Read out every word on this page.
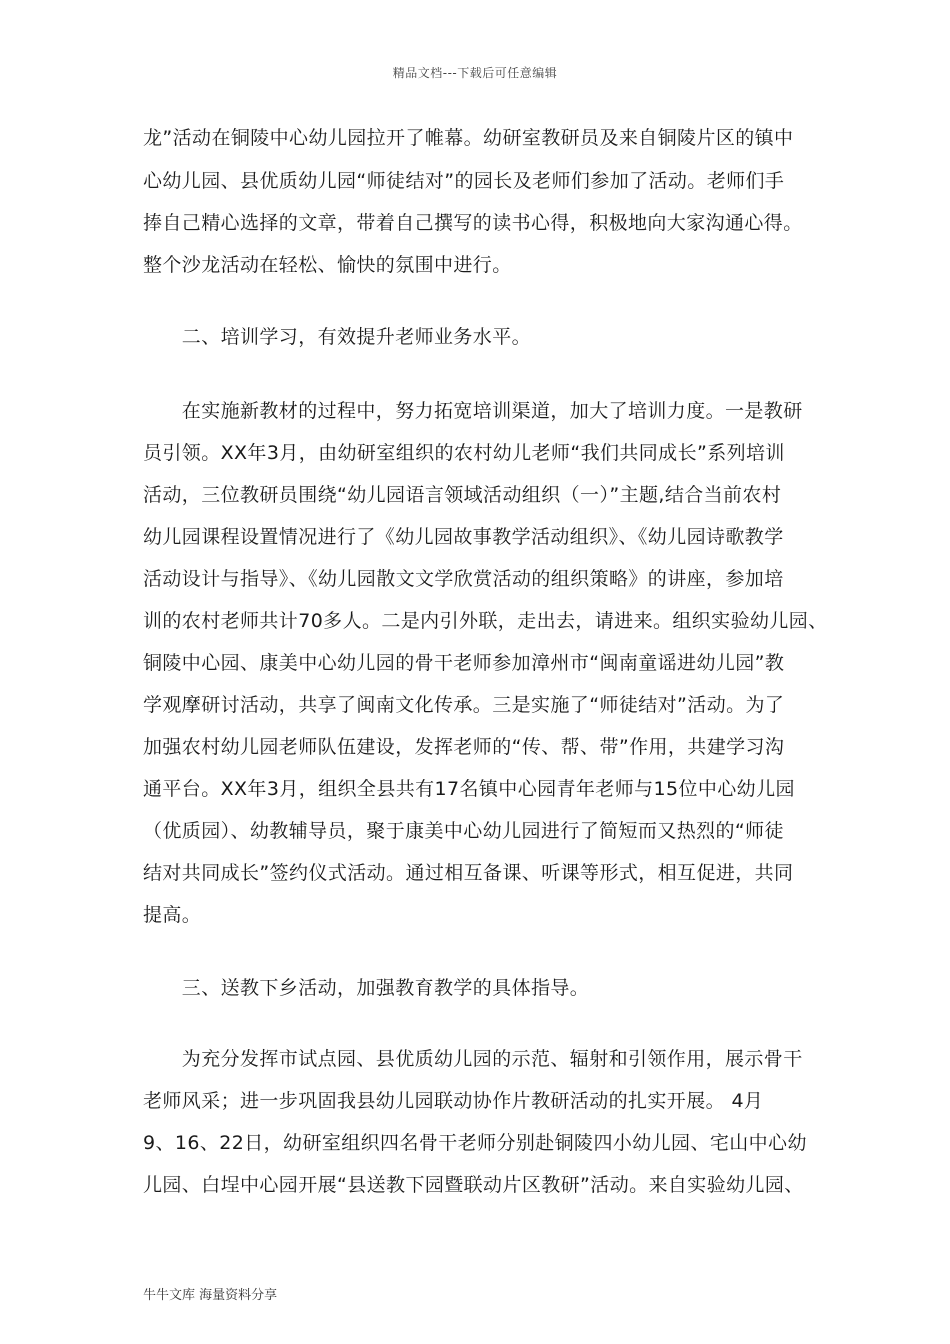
精品文档---下载后可任意编辑
龙”活动在铜陵中心幼儿园拉开了帷幕。幼研室教研员及来自铜陵片区的镇中
心幼儿园、县优质幼儿园“师徒结对”的园长及老师们参加了活动。老师们手
捧自己精心选择的文章，带着自己撰写的读书心得，积极地向大家沟通心得。
整个沙龙活动在轻松、愉快的氛围中进行。
　　二、培训学习，有效提升老师业务水平。
　　在实施新教材的过程中，努力拓宽培训渠道，加大了培训力度。一是教研
员引领。XX年3月，由幼研室组织的农村幼儿老师“我们共同成长”系列培训
活动，三位教研员围绕“幼儿园语言领域活动组织（一）”主题,结合当前农村
幼儿园课程设置情况进行了《幼儿园故事教学活动组织》、《幼儿园诗歌教学
活动设计与指导》、《幼儿园散文文学欣赏活动的组织策略》的讲座，参加培
训的农村老师共计70多人。二是内引外联，走出去，请进来。组织实验幼儿园、
铜陵中心园、康美中心幼儿园的骨干老师参加漳州市“闽南童谣进幼儿园”教
学观摩研讨活动，共享了闽南文化传承。三是实施了“师徒结对”活动。为了
加强农村幼儿园老师队伍建设，发挥老师的“传、帮、带”作用，共建学习沟
通平台。XX年3月，组织全县共有17名镇中心园青年老师与15位中心幼儿园
（优质园）、幼教辅导员，聚于康美中心幼儿园进行了简短而又热烈的“师徒
结对共同成长”签约仪式活动。通过相互备课、听课等形式，相互促进，共同
提高。
　　三、送教下乡活动，加强教育教学的具体指导。
　　为充分发挥市试点园、县优质幼儿园的示范、辐射和引领作用，展示骨干
老师风采；进一步巩固我县幼儿园联动协作片教研活动的扎实开展。 4月
9、16、22日，幼研室组织四名骨干老师分别赴铜陵四小幼儿园、宅山中心幼
儿园、白埕中心园开展“县送教下园暨联动片区教研”活动。来自实验幼儿园、
牛牛文库 海量资料分享
